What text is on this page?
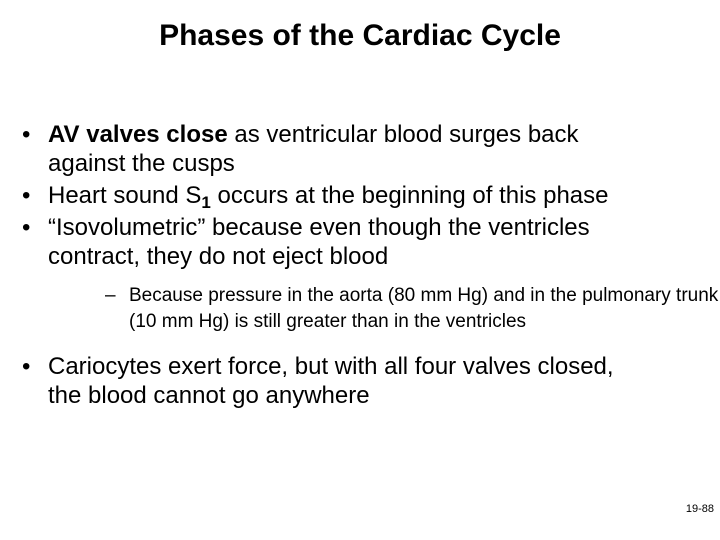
Phases of the Cardiac Cycle
• AV valves close as ventricular blood surges back against the cusps
• Heart sound $S_1$ occurs at the beginning of this phase
• “Isovolumetric” because even though the ventricles contract, they do not eject blood
– Because pressure in the aorta (80 mm Hg) and in the pulmonary trunk (10 mm Hg) is still greater than in the ventricles
• Cariocytes exert force, but with all four valves closed, the blood cannot go anywhere
19-88
